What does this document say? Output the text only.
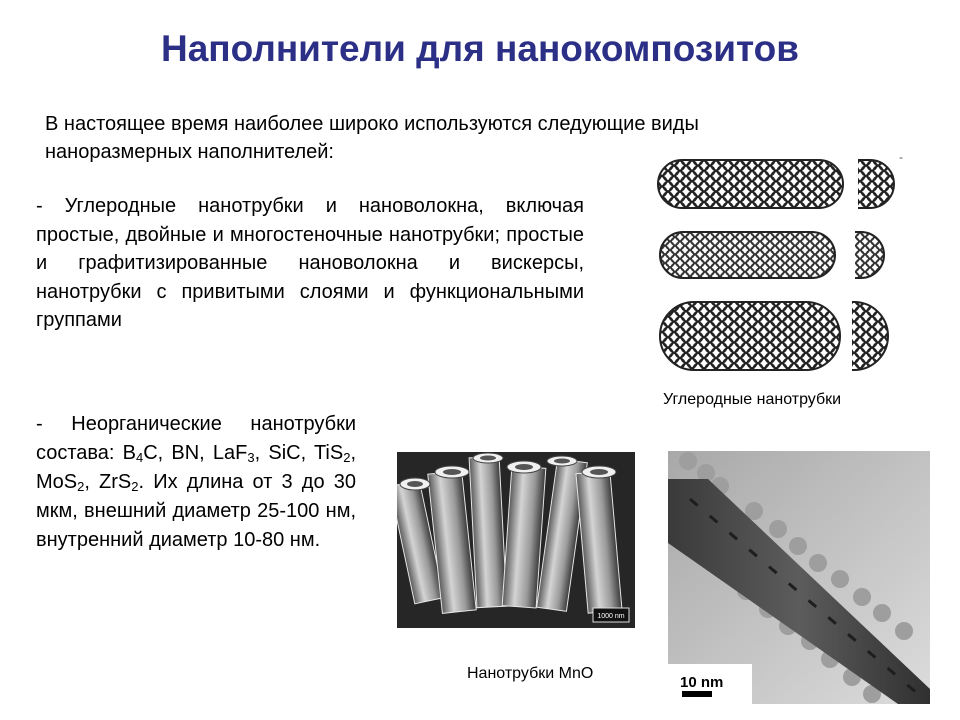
Наполнители для нанокомпозитов
В настоящее время наиболее широко используются следующие виды наноразмерных наполнителей:
- Углеродные нанотрубки и нановолокна, включая простые, двойные и многостеночные нанотрубки; простые и графитизированные нановолокна и вискерсы, нанотрубки с привитыми слоями и функциональными группами
- Неорганические нанотрубки состава: $B_4C$, BN, LaF$_3$, SiC, TiS$_2$, MoS$_2$, ZrS$_2$. Их длина от 3 до 30 мкм, внешний диаметр 25-100 нм, внутренний диаметр 10-80 нм.
-
Углеродные нанотрубки
1000 nm
Нанотрубки MnO
10 nm
